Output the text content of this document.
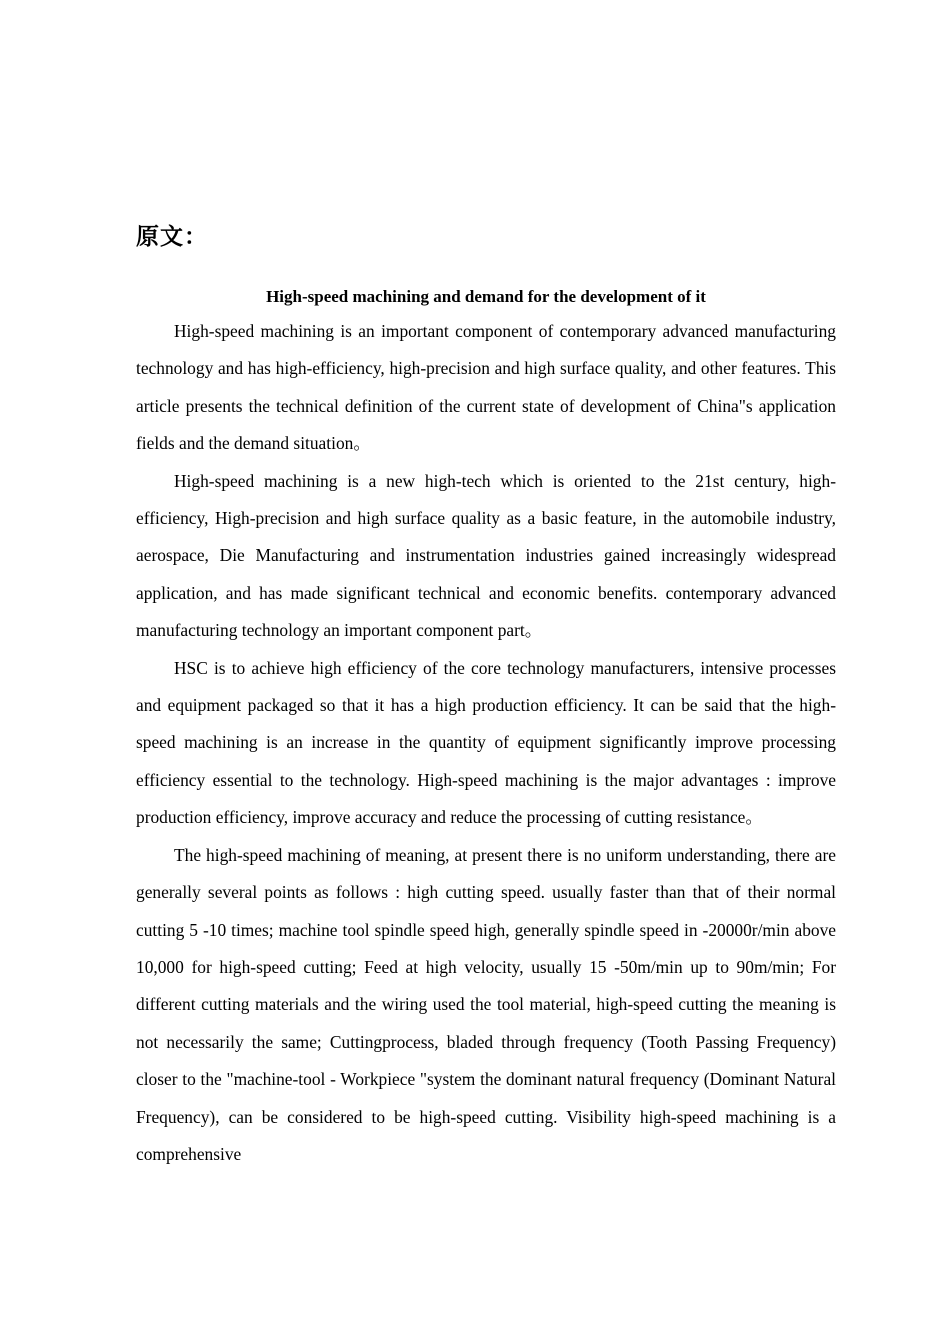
原文：
High-speed machining and demand for the development of it

High-speed machining is an important component of contemporary advanced manufacturing technology and has high-efficiency, high-precision and high surface quality, and other features. This article presents the technical definition of the current state of development of China"s application fields and the demand situation。

High-speed machining is a new high-tech which is oriented to the 21st century, high-efficiency, High-precision and high surface quality as a basic feature, in the automobile industry, aerospace, Die Manufacturing and instrumentation industries gained increasingly widespread application, and has made significant technical and economic benefits. contemporary advanced manufacturing technology an important component part。

HSC is to achieve high efficiency of the core technology manufacturers, intensive processes and equipment packaged so that it has a high production efficiency. It can be said that the high-speed machining is an increase in the quantity of equipment significantly improve processing efficiency essential to the technology. High-speed machining is the major advantages : improve production efficiency, improve accuracy and reduce the processing of cutting resistance。

The high-speed machining of meaning, at present there is no uniform understanding, there are generally several points as follows : high cutting speed. usually faster than that of their normal cutting 5 -10 times; machine tool spindle speed high, generally spindle speed in -20000r/min above 10,000 for high-speed cutting; Feed at high velocity, usually 15 -50m/min up to 90m/min; For different cutting materials and the wiring used the tool material, high-speed cutting the meaning is not necessarily the same; Cuttingprocess, bladed through frequency (Tooth Passing Frequency) closer to the "machine-tool - Workpiece "system the dominant natural frequency (Dominant Natural Frequency), can be considered to be high-speed cutting. Visibility high-speed machining is a comprehensive
